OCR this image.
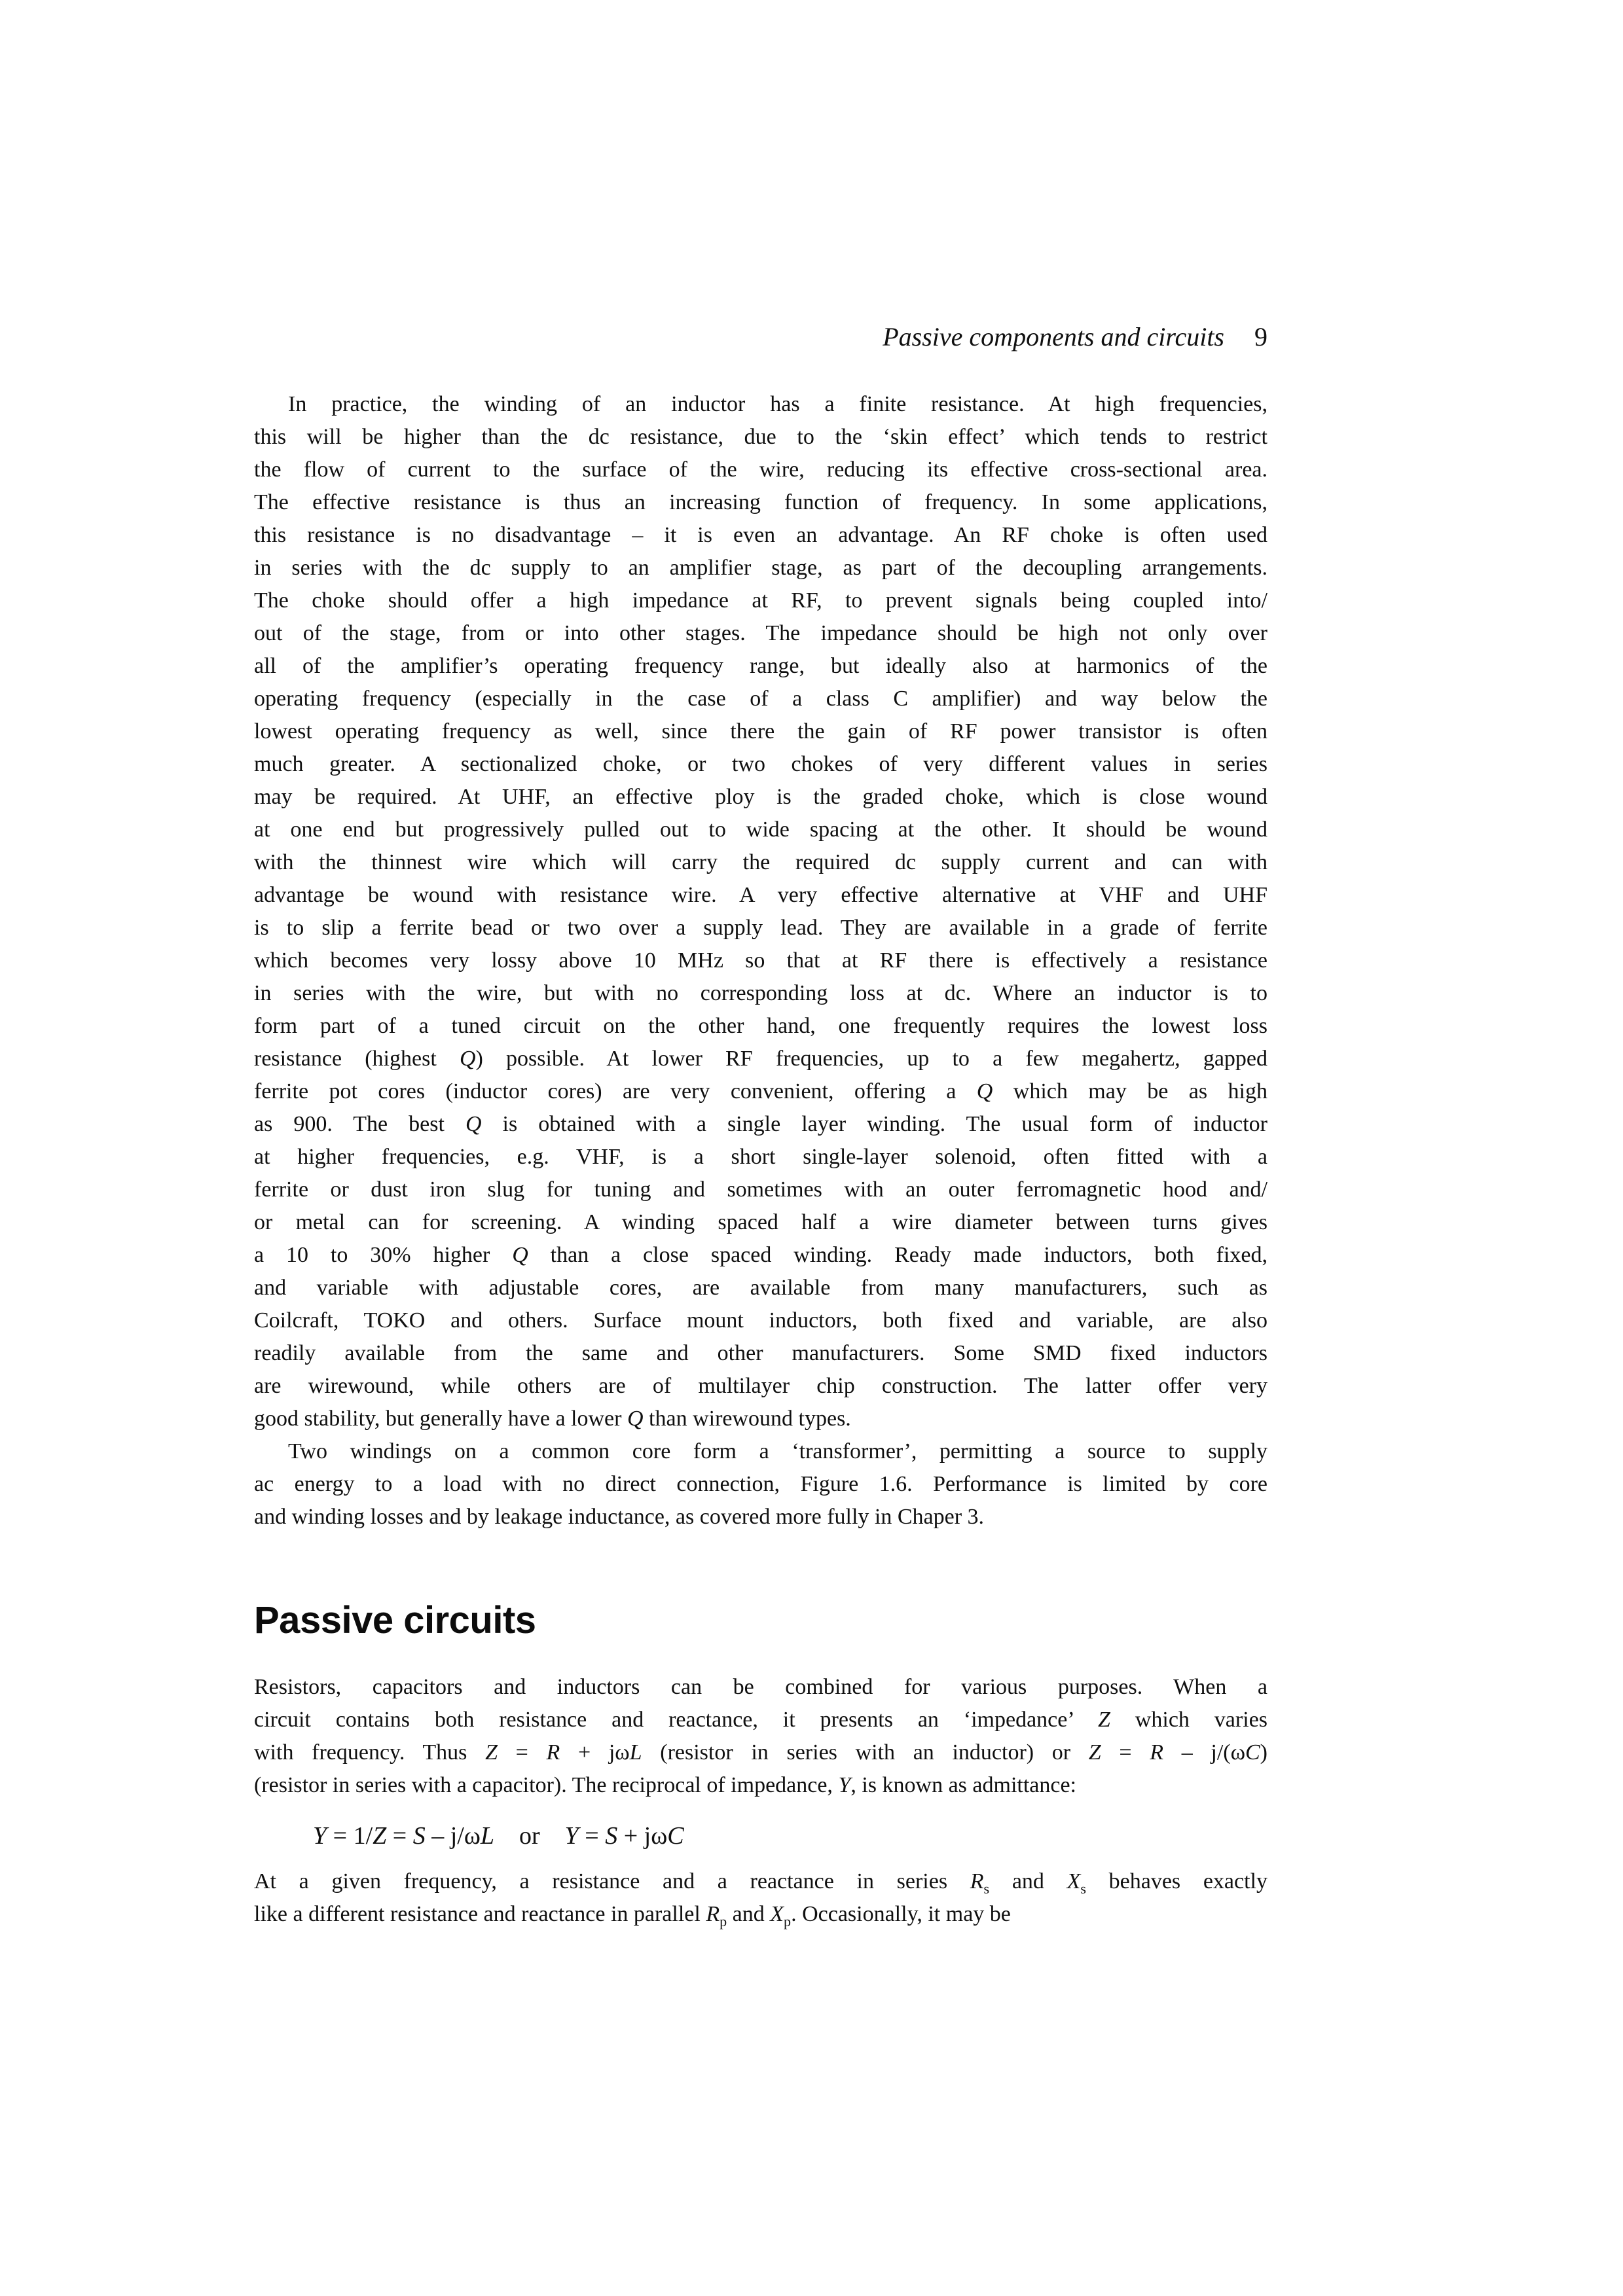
Passive components and circuits 9
In practice, the winding of an inductor has a finite resistance. At high frequencies,
this will be higher than the dc resistance, due to the ‘skin effect’ which tends to restrict
the flow of current to the surface of the wire, reducing its effective cross-sectional area.
The effective resistance is thus an increasing function of frequency. In some applications,
this resistance is no disadvantage – it is even an advantage. An RF choke is often used
in series with the dc supply to an amplifier stage, as part of the decoupling arrangements.
The choke should offer a high impedance at RF, to prevent signals being coupled into/
out of the stage, from or into other stages. The impedance should be high not only over
all of the amplifier’s operating frequency range, but ideally also at harmonics of the
operating frequency (especially in the case of a class C amplifier) and way below the
lowest operating frequency as well, since there the gain of RF power transistor is often
much greater. A sectionalized choke, or two chokes of very different values in series
may be required. At UHF, an effective ploy is the graded choke, which is close wound
at one end but progressively pulled out to wide spacing at the other. It should be wound
with the thinnest wire which will carry the required dc supply current and can with
advantage be wound with resistance wire. A very effective alternative at VHF and UHF
is to slip a ferrite bead or two over a supply lead. They are available in a grade of ferrite
which becomes very lossy above 10 MHz so that at RF there is effectively a resistance
in series with the wire, but with no corresponding loss at dc. Where an inductor is to
form part of a tuned circuit on the other hand, one frequently requires the lowest loss
resistance (highest Q) possible. At lower RF frequencies, up to a few megahertz, gapped
ferrite pot cores (inductor cores) are very convenient, offering a Q which may be as high
as 900. The best Q is obtained with a single layer winding. The usual form of inductor
at higher frequencies, e.g. VHF, is a short single-layer solenoid, often fitted with a
ferrite or dust iron slug for tuning and sometimes with an outer ferromagnetic hood and/
or metal can for screening. A winding spaced half a wire diameter between turns gives
a 10 to 30% higher Q than a close spaced winding. Ready made inductors, both fixed,
and variable with adjustable cores, are available from many manufacturers, such as
Coilcraft, TOKO and others. Surface mount inductors, both fixed and variable, are also
readily available from the same and other manufacturers. Some SMD fixed inductors
are wirewound, while others are of multilayer chip construction. The latter offer very
good stability, but generally have a lower Q than wirewound types.
Two windings on a common core form a ‘transformer’, permitting a source to supply
ac energy to a load with no direct connection, Figure 1.6. Performance is limited by core
and winding losses and by leakage inductance, as covered more fully in Chaper 3.
Passive circuits
Resistors, capacitors and inductors can be combined for various purposes. When a
circuit contains both resistance and reactance, it presents an ‘impedance’ Z which varies
with frequency. Thus Z = R + jωL (resistor in series with an inductor) or Z = R – j/(ωC)
(resistor in series with a capacitor). The reciprocal of impedance, Y, is known as admittance:
Y = 1/Z = S – j/ωL or Y = S + jωC
At a given frequency, a resistance and a reactance in series $R_s$ and $X_s$ behaves exactly
like a different resistance and reactance in parallel $R_p$ and $X_p$. Occasionally, it may be
